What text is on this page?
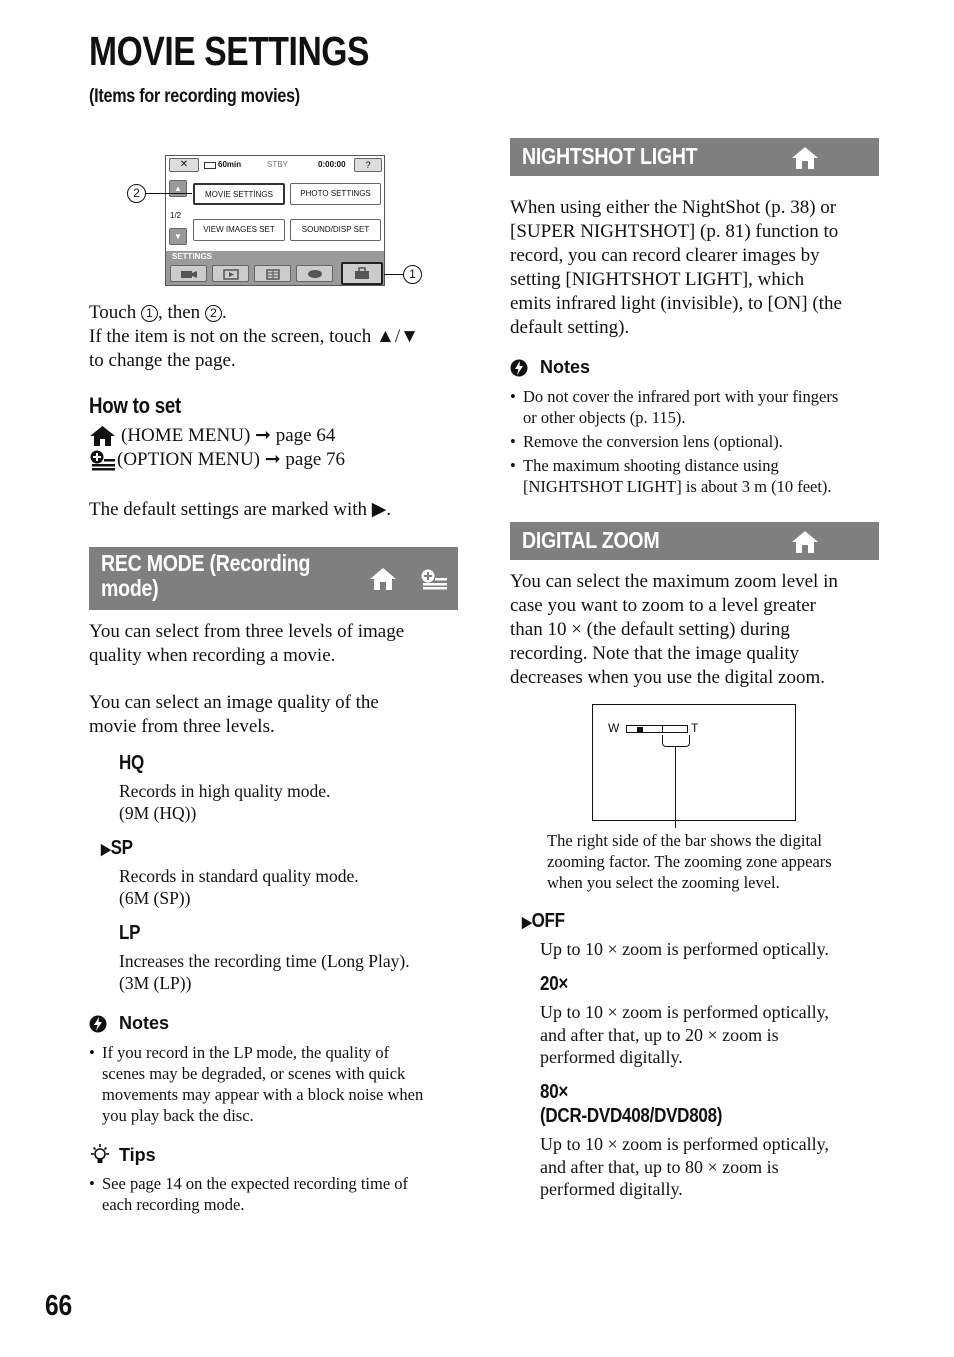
MOVIE SETTINGS
(Items for recording movies)
✕	60min	STBY	0:00:00	?
▲
1/2
▼
MOVIE SETTINGS	PHOTO SETTINGS
VIEW IMAGES SET	SOUND/DISP SET
SETTINGS
2
1
Touch 1 , then 2 .
If the item is not on the screen, touch ▲/▼
to change the page.
How to set
(HOME MENU) ➞ page 64
(OPTION MENU) ➞ page 76
The default settings are marked with ▶.
REC MODE (Recording
mode)
You can select from three levels of image
quality when recording a movie.
You can select an image quality of the
movie from three levels.
HQ
Records in high quality mode.
(9M (HQ))
▶SP
Records in standard quality mode.
(6M (SP))
LP
Increases the recording time (Long Play).
(3M (LP))
Notes
• If you record in the LP mode, the quality of
scenes may be degraded, or scenes with quick
movements may appear with a block noise when
you play back the disc.
Tips
• See page 14 on the expected recording time of
each recording mode.
NIGHTSHOT LIGHT
When using either the NightShot (p. 38) or
[SUPER NIGHTSHOT] (p. 81) function to
record, you can record clearer images by
setting [NIGHTSHOT LIGHT], which
emits infrared light (invisible), to [ON] (the
default setting).
Notes
• Do not cover the infrared port with your fingers
or other objects (p. 115).
• Remove the conversion lens (optional).
• The maximum shooting distance using
[NIGHTSHOT LIGHT] is about 3 m (10 feet).
DIGITAL ZOOM
You can select the maximum zoom level in
case you want to zoom to a level greater
than 10 × (the default setting) during
recording. Note that the image quality
decreases when you use the digital zoom.
W	T
The right side of the bar shows the digital
zooming factor. The zooming zone appears
when you select the zooming level.
▶OFF
Up to 10 × zoom is performed optically.
20×
Up to 10 × zoom is performed optically,
and after that, up to 20 × zoom is
performed digitally.
80×
(DCR-DVD408/DVD808)
Up to 10 × zoom is performed optically,
and after that, up to 80 × zoom is
performed digitally.
66
